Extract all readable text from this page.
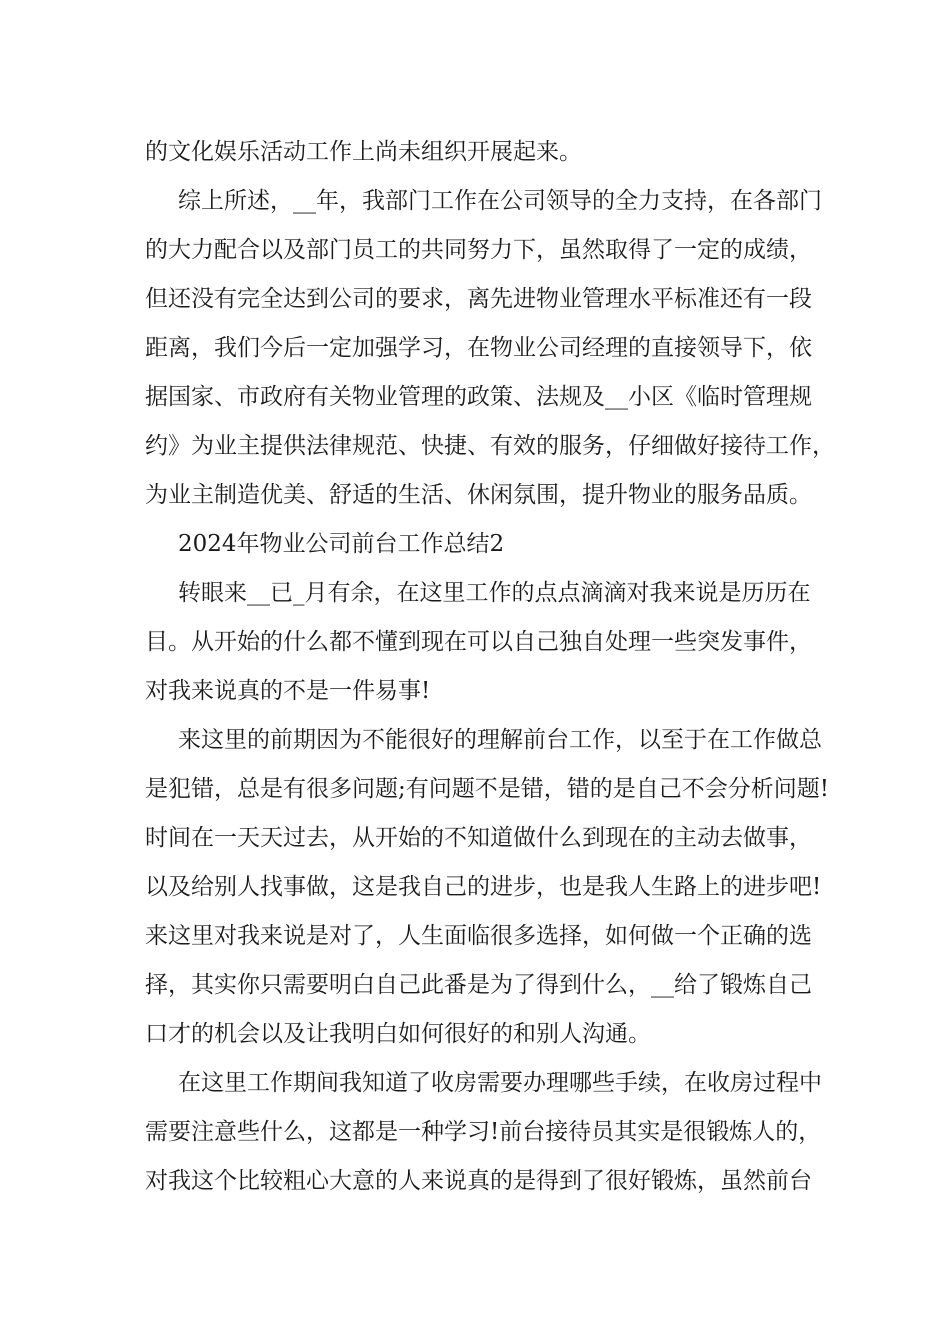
的文化娱乐活动工作上尚未组织开展起来。
综上所述，__年，我部门工作在公司领导的全力支持，在各部门
的大力配合以及部门员工的共同努力下，虽然取得了一定的成绩，
但还没有完全达到公司的要求，离先进物业管理水平标准还有一段
距离，我们今后一定加强学习，在物业公司经理的直接领导下，依
据国家、市政府有关物业管理的政策、法规及__小区《临时管理规
约》为业主提供法律规范、快捷、有效的服务，仔细做好接待工作，
为业主制造优美、舒适的生活、休闲氛围，提升物业的服务品质。
2024年物业公司前台工作总结2
转眼来__已_月有余，在这里工作的点点滴滴对我来说是历历在
目。从开始的什么都不懂到现在可以自己独自处理一些突发事件，
对我来说真的不是一件易事!
来这里的前期因为不能很好的理解前台工作，以至于在工作做总
是犯错，总是有很多问题;有问题不是错，错的是自己不会分析问题!
时间在一天天过去，从开始的不知道做什么到现在的主动去做事，
以及给别人找事做，这是我自己的进步，也是我人生路上的进步吧!
来这里对我来说是对了，人生面临很多选择，如何做一个正确的选
择，其实你只需要明白自己此番是为了得到什么，__给了锻炼自己
口才的机会以及让我明白如何很好的和别人沟通。
在这里工作期间我知道了收房需要办理哪些手续，在收房过程中
需要注意些什么，这都是一种学习!前台接待员其实是很锻炼人的，
对我这个比较粗心大意的人来说真的是得到了很好锻炼，虽然前台
